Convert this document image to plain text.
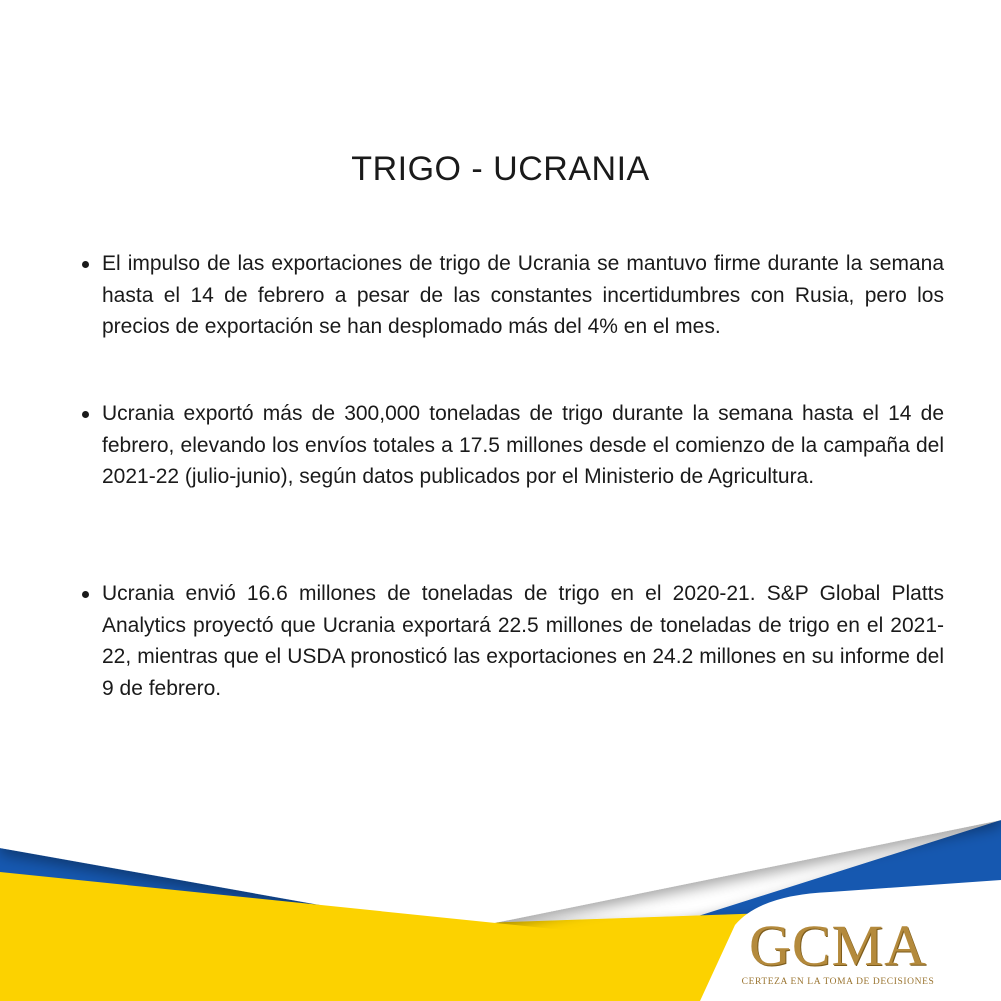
TRIGO - UCRANIA
El impulso de las exportaciones de trigo de Ucrania se mantuvo firme durante la semana hasta el 14 de febrero a pesar de las constantes incertidumbres con Rusia, pero los precios de exportación se han desplomado más del 4% en el mes.
Ucrania exportó más de 300,000 toneladas de trigo durante la semana hasta el 14 de febrero, elevando los envíos totales a 17.5 millones desde el comienzo de la campaña del 2021-22 (julio-junio), según datos publicados por el Ministerio de Agricultura.
Ucrania envió 16.6 millones de toneladas de trigo en el 2020-21. S&P Global Platts Analytics proyectó que Ucrania exportará 22.5 millones de toneladas de trigo en el 2021-22, mientras que el USDA pronosticó las exportaciones en 24.2 millones en su informe del 9 de febrero.
GCMA
CERTEZA EN LA TOMA DE DECISIONES
